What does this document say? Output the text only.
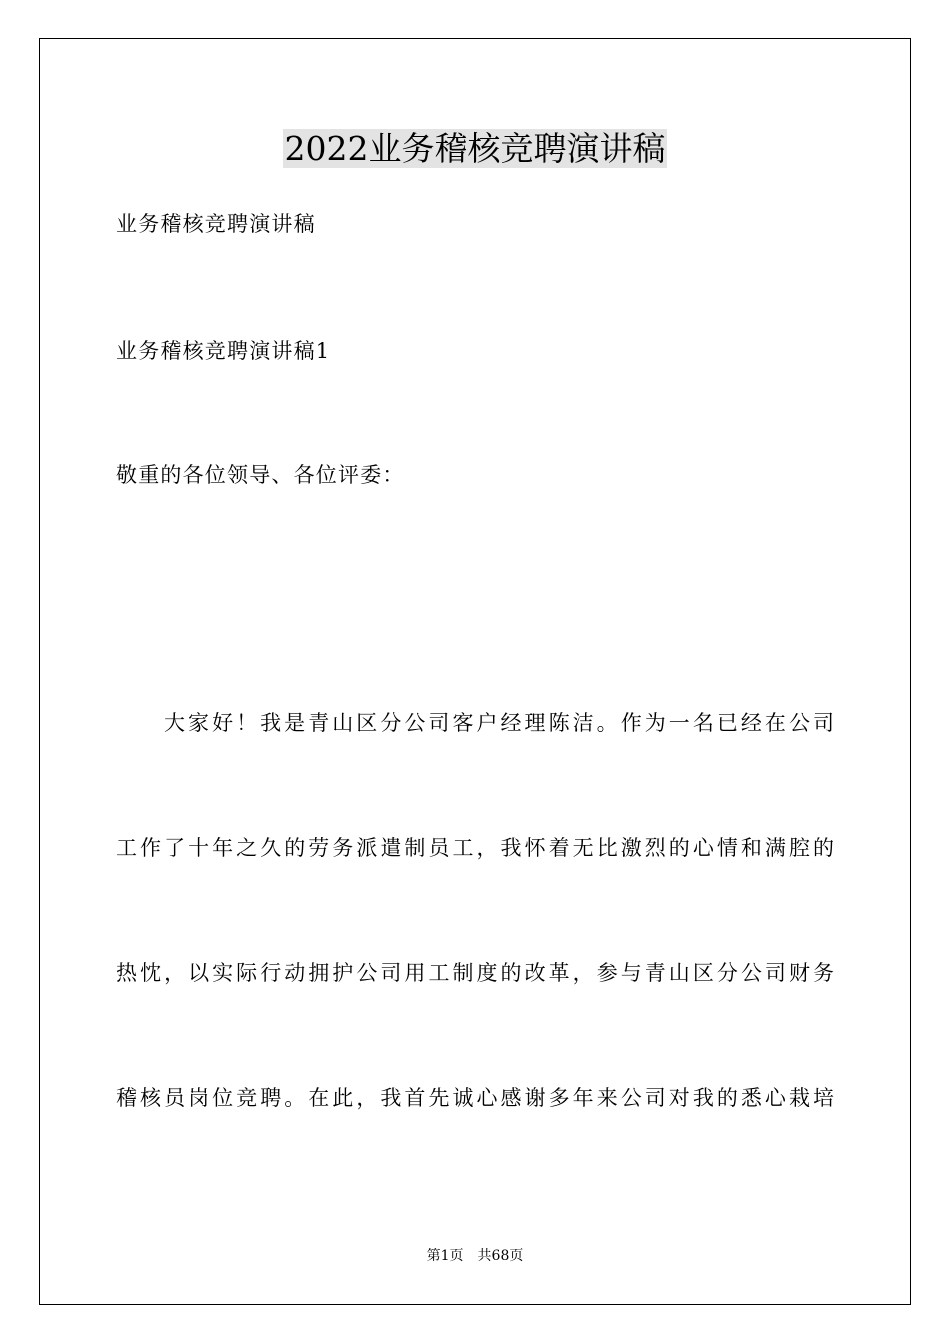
2022业务稽核竞聘演讲稿
业务稽核竞聘演讲稿
业务稽核竞聘演讲稿1
敬重的各位领导、各位评委：
大家好！我是青山区分公司客户经理陈洁。作为一名已经在公司
工作了十年之久的劳务派遣制员工，我怀着无比激烈的心情和满腔的
热忱，以实际行动拥护公司用工制度的改革，参与青山区分公司财务
稽核员岗位竞聘。在此，我首先诚心感谢多年来公司对我的悉心栽培
第1页 共68页
